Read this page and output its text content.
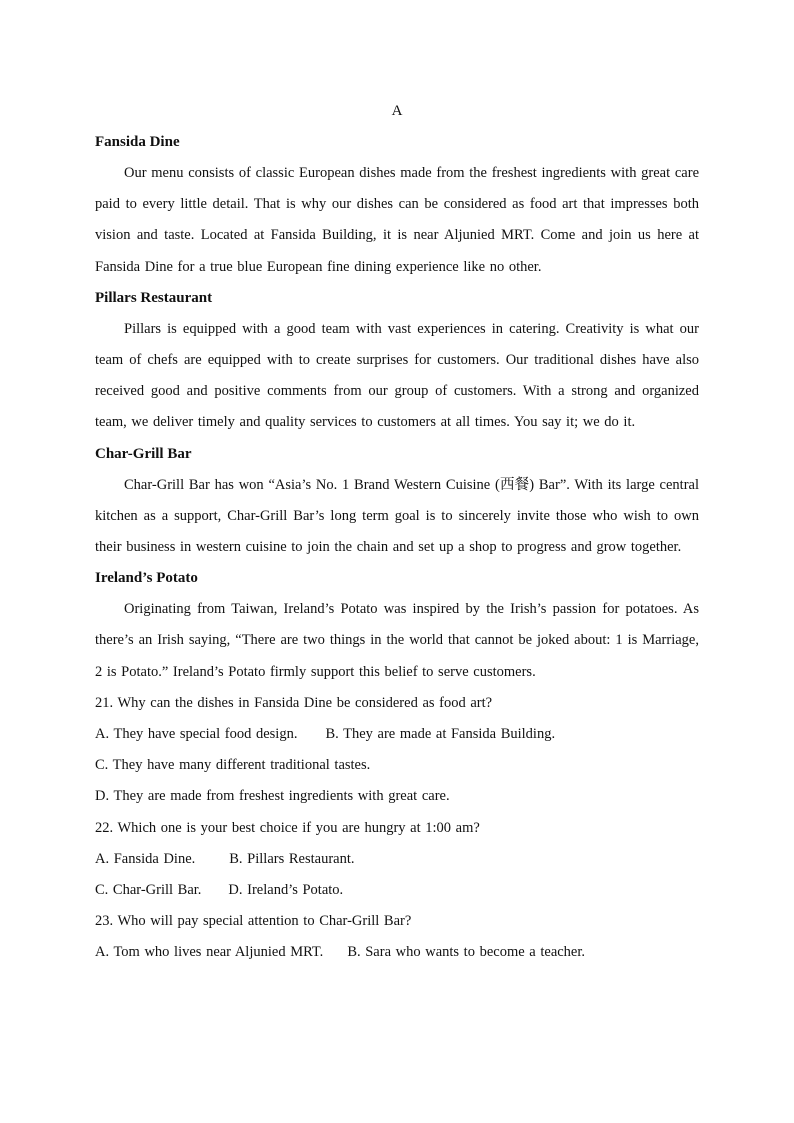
A
Fansida Dine

Our menu consists of classic European dishes made from the freshest ingredients with great care paid to every little detail. That is why our dishes can be considered as food art that impresses both vision and taste. Located at Fansida Building, it is near Aljunied MRT. Come and join us here at Fansida Dine for a true blue European fine dining experience like no other.

Pillars Restaurant

Pillars is equipped with a good team with vast experiences in catering. Creativity is what our team of chefs are equipped with to create surprises for customers. Our traditional dishes have also received good and positive comments from our group of customers. With a strong and organized team, we deliver timely and quality services to customers at all times. You say it; we do it.

Char-Grill Bar

Char-Grill Bar has won “Asia’s No. 1 Brand Western Cuisine (西餐) Bar”. With its large central kitchen as a support, Char-Grill Bar’s long term goal is to sincerely invite those who wish to own their business in western cuisine to join the chain and set up a shop to progress and grow together.

Ireland’s Potato

Originating from Taiwan, Ireland’s Potato was inspired by the Irish’s passion for potatoes. As there’s an Irish saying, “There are two things in the world that cannot be joked about: 1 is Marriage, 2 is Potato.” Ireland’s Potato firmly support this belief to serve customers.

21. Why can the dishes in Fansida Dine be considered as food art?
A. They have special food design. B. They are made at Fansida Building.
C. They have many different traditional tastes.
D. They are made from freshest ingredients with great care.
22. Which one is your best choice if you are hungry at 1:00 am?
A. Fansida Dine. B. Pillars Restaurant.
C. Char-Grill Bar. D. Ireland’s Potato.
23. Who will pay special attention to Char-Grill Bar?
A. Tom who lives near Aljunied MRT. B. Sara who wants to become a teacher.
